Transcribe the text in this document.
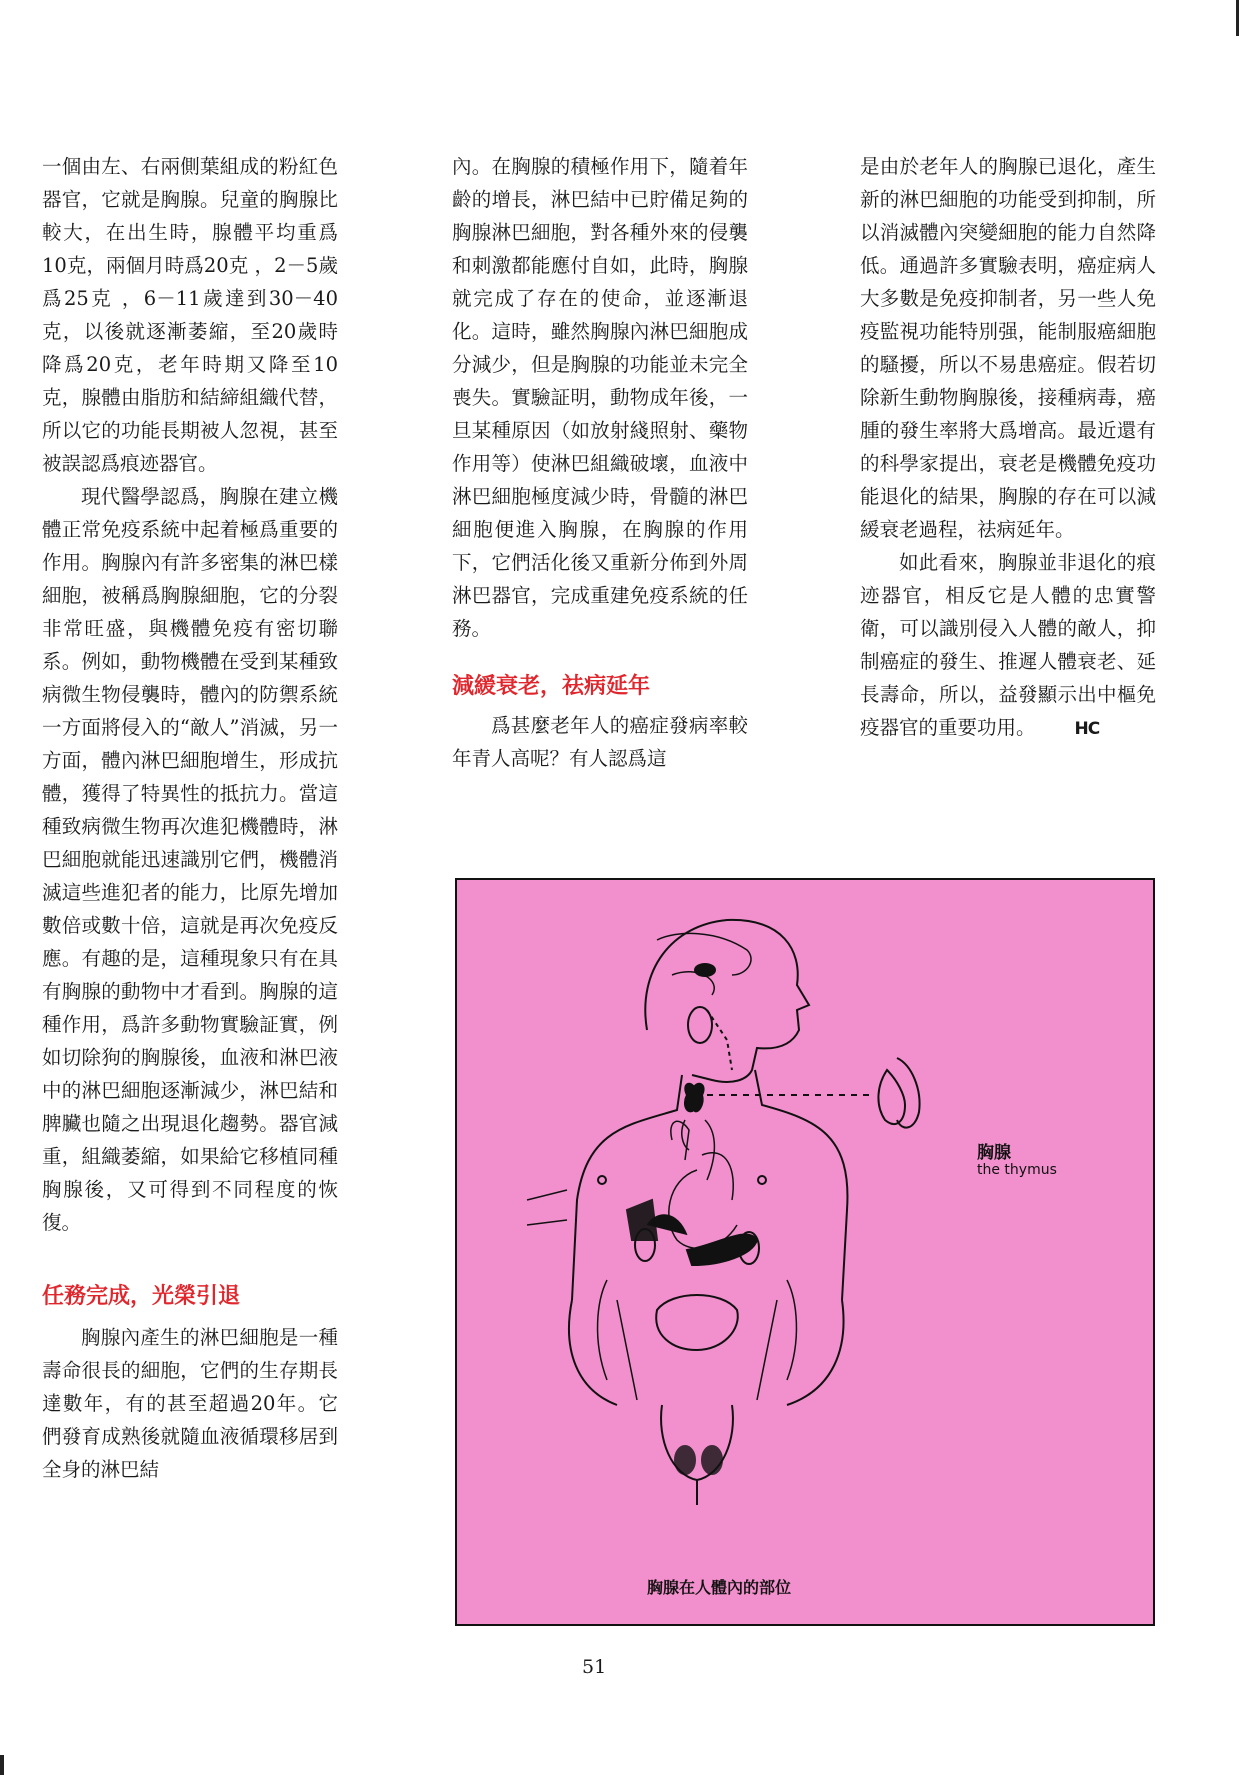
一個由左、右兩側葉組成的粉紅色器官，它就是胸腺。兒童的胸腺比較大，在出生時，腺體平均重爲10克，兩個月時爲20克 ，2－5歲 爲25克 ，6－11歲達到30－40克，以後就逐漸萎縮，至20歲時降爲20克，老年時期又降至10克，腺體由脂肪和結締組織代替，所以它的功能長期被人忽視，甚至被誤認爲痕迹器官。

現代醫學認爲，胸腺在建立機體正常免疫系統中起着極爲重要的作用。胸腺內有許多密集的淋巴樣細胞，被稱爲胸腺細胞，它的分裂非常旺盛，與機體免疫有密切聯系。例如，動物機體在受到某種致病微生物侵襲時，體內的防禦系統一方面將侵入的“敵人”消滅，另一方面，體內淋巴細胞增生，形成抗體，獲得了特異性的抵抗力。當這種致病微生物再次進犯機體時，淋巴細胞就能迅速識別它們，機體消滅這些進犯者的能力，比原先增加數倍或數十倍，這就是再次免疫反應。有趣的是，這種現象只有在具有胸腺的動物中才看到。胸腺的這種作用，爲許多動物實驗証實，例如切除狗的胸腺後，血液和淋巴液中的淋巴細胞逐漸減少，淋巴結和脾臟也隨之出現退化趨勢。器官減重，組織萎縮，如果給它移植同種胸腺後，又可得到不同程度的恢復。

任務完成，光榮引退

胸腺內產生的淋巴細胞是一種壽命很長的細胞，它們的生存期長達數年，有的甚至超過20年。它們發育成熟後就隨血液循環移居到全身的淋巴結

內。在胸腺的積極作用下，隨着年齡的增長，淋巴結中已貯備足夠的胸腺淋巴細胞，對各種外來的侵襲和刺激都能應付自如，此時，胸腺就完成了存在的使命，並逐漸退化。這時，雖然胸腺內淋巴細胞成分減少，但是胸腺的功能並未完全喪失。實驗証明，動物成年後，一旦某種原因（如放射綫照射、藥物作用等）使淋巴組織破壞，血液中淋巴細胞極度減少時，骨髓的淋巴細胞便進入胸腺，在胸腺的作用下，它們活化後又重新分佈到外周淋巴器官，完成重建免疫系統的任務。

減緩衰老，祛病延年

爲甚麼老年人的癌症發病率較年青人高呢？有人認爲這

是由於老年人的胸腺已退化，產生新的淋巴細胞的功能受到抑制，所以消滅體內突變細胞的能力自然降低。通過許多實驗表明，癌症病人大多數是免疫抑制者，另一些人免疫監視功能特別强，能制服癌細胞的騷擾，所以不易患癌症。假若切除新生動物胸腺後，接種病毒，癌腫的發生率將大爲增高。最近還有的科學家提出，衰老是機體免疫功能退化的結果，胸腺的存在可以減緩衰老過程，祛病延年。

如此看來，胸腺並非退化的痕迹器官，相反它是人體的忠實警衛，可以識別侵入人體的敵人，抑制癌症的發生、推遲人體衰老、延長壽命，所以，益發顯示出中樞免疫器官的重要功用。 HC

胸腺
the thymus
胸腺在人體內的部位
51
